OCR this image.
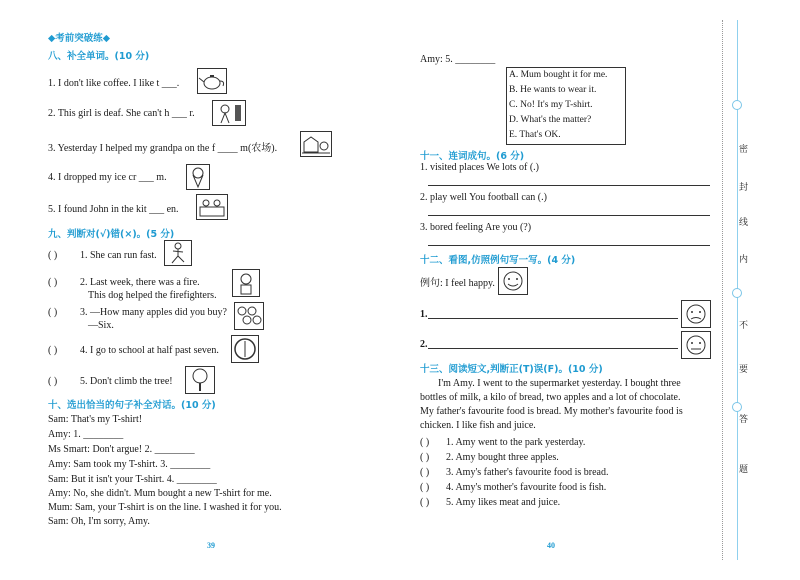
◆考前突破练◆
八、补全单词。(10 分)
1. I don't like coffee. I like t ___.
2. This girl is deaf. She can't h ___ r.
3. Yesterday I helped my grandpa on the f ____ m(农场).
4. I dropped my ice cr ___ m.
5. I found John in the kit ___ en.
九、判断对(√)错(×)。(5 分)
( ) 1. She can run fast.
( ) 2. Last week, there was a fire.
This dog helped the firefighters.
( ) 3. —How many apples did you buy?
—Six.
( ) 4. I go to school at half past seven.
( ) 5. Don't climb the tree!
十、选出恰当的句子补全对话。(10 分)
Sam: That's my T-shirt!
Amy: 1. ________
Ms Smart: Don't argue! 2. ________
Amy: Sam took my T-shirt. 3. ________
Sam: But it isn't your T-shirt. 4. ________
Amy: No, she didn't. Mum bought a new T-shirt for me.
Mum: Sam, your T-shirt is on the line. I washed it for you.
Sam: Oh, I'm sorry, Amy.
39
Amy: 5. ________
A. Mum bought it for me.
B. He wants to wear it.
C. No! It's my T-shirt.
D. What's the matter?
E. That's OK.
十一、连词成句。(6 分)
1. visited places We lots of (.)
2. play well You football can (.)
3. bored feeling Are you (?)
十二、看图,仿照例句写一写。(4 分)
例句: I feel happy.
1.
2.
十三、阅读短文,判断正(T)误(F)。(10 分)
I'm Amy. I went to the supermarket yesterday. I bought three
bottles of milk, a kilo of bread, two apples and a lot of chocolate.
My father's favourite food is bread. My mother's favourite food is
chicken. I like fish and juice.
( ) 1. Amy went to the park yesterday.
( ) 2. Amy bought three apples.
( ) 3. Amy's father's favourite food is bread.
( ) 4. Amy's mother's favourite food is fish.
( ) 5. Amy likes meat and juice.
40
密
封
线
内
不
要
答
题
